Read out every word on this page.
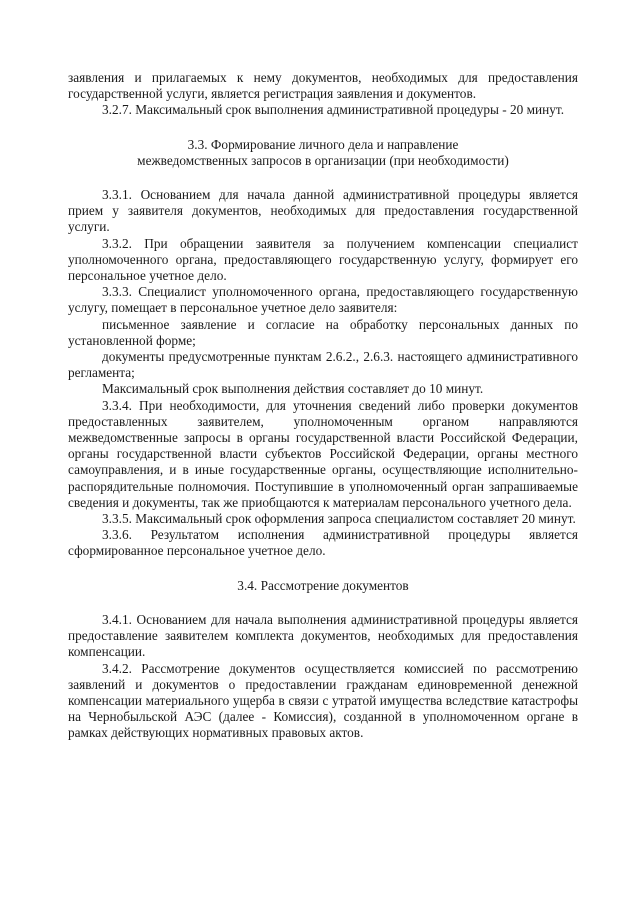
заявления и прилагаемых к нему документов, необходимых для предоставления государственной услуги, является регистрация заявления и документов.

3.2.7. Максимальный срок выполнения административной процедуры - 20 минут.

3.3. Формирование личного дела и направление

межведомственных запросов в организации (при необходимости)

3.3.1. Основанием для начала данной административной процедуры является прием у заявителя документов, необходимых для предоставления государственной услуги.

3.3.2. При обращении заявителя за получением компенсации специалист уполномоченного органа, предоставляющего государственную услугу, формирует его персональное учетное дело.

3.3.3. Специалист уполномоченного органа, предоставляющего государственную услугу, помещает в персональное учетное дело заявителя:

письменное заявление и согласие на обработку персональных данных по установленной форме;

документы предусмотренные пунктам 2.6.2., 2.6.3. настоящего административного регламента;

Максимальный срок выполнения действия составляет до 10 минут.

3.3.4. При необходимости, для уточнения сведений либо проверки документов предоставленных заявителем, уполномоченным органом направляются межведомственные запросы в органы государственной власти Российской Федерации, органы государственной власти субъектов Российской Федерации, органы местного самоуправления, и в иные государственные органы, осуществляющие исполнительно-распорядительные полномочия. Поступившие в уполномоченный орган запрашиваемые сведения и документы, так же приобщаются к материалам персонального учетного дела.

3.3.5. Максимальный срок оформления запроса специалистом составляет 20 минут.

3.3.6. Результатом исполнения административной процедуры является сформированное персональное учетное дело.

3.4. Рассмотрение документов

3.4.1. Основанием для начала выполнения административной процедуры является предоставление заявителем комплекта документов, необходимых для предоставления компенсации.

3.4.2. Рассмотрение документов осуществляется комиссией по рассмотрению заявлений и документов о предоставлении гражданам единовременной денежной компенсации материального ущерба в связи с утратой имущества вследствие катастрофы на Чернобыльской АЭС (далее - Комиссия), созданной в уполномоченном органе в рамках действующих нормативных правовых актов.
